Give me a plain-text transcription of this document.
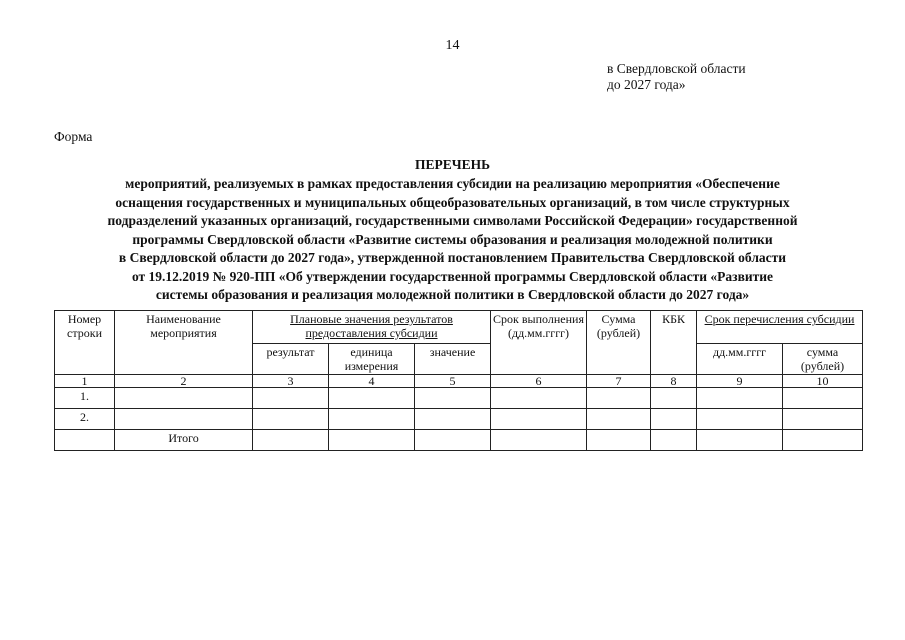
14
в Свердловской области
до 2027 года»
Форма
ПЕРЕЧЕНЬ
мероприятий, реализуемых в рамках предоставления субсидии на реализацию мероприятия «Обеспечение
оснащения государственных и муниципальных общеобразовательных организаций, в том числе структурных
подразделений указанных организаций, государственными символами Российской Федерации» государственной
программы Свердловской области «Развитие системы образования и реализация молодежной политики
в Свердловской области до 2027 года», утвержденной постановлением Правительства Свердловской области
от 19.12.2019 № 920-ПП «Об утверждении государственной программы Свердловской области «Развитие
системы образования и реализация молодежной политики в Свердловской области до 2027 года»
Номер строки	Наименование мероприятия	Плановые значения результатов предоставления субсидии			Срок выполнения (дд.мм.гггг)	Сумма (рублей)	КБК	Срок перечисления субсидии	
		результат	единица измерения	значение				дд.мм.гггг	сумма (рублей)
1	2	3	4	5	6	7	8	9	10
1.									
2.									
	Итого								
